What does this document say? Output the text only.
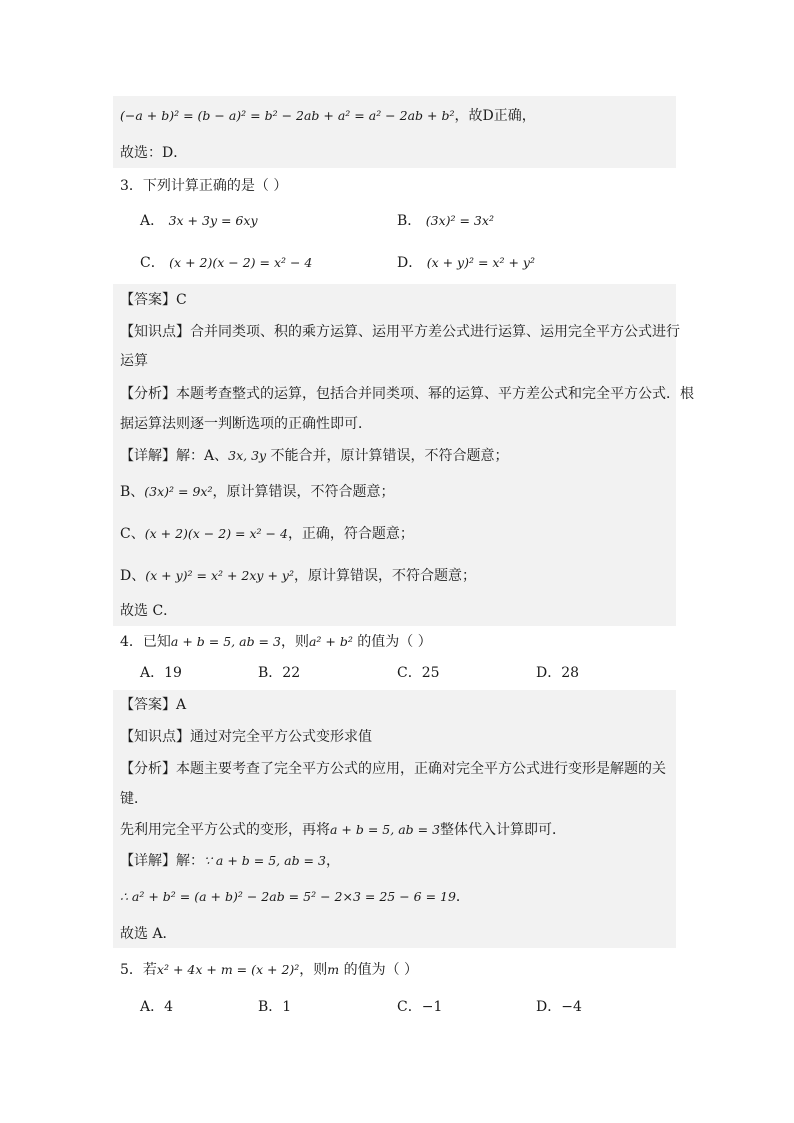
(−a + b)² = (b − a)² = b² − 2ab + a² = a² − 2ab + b²，故D正确，
故选：D．
3．下列计算正确的是（ ）
A． 3x + 3y = 6xy	B． (3x)² = 3x²
C． (x + 2)(x − 2) = x² − 4	D． (x + y)² = x² + y²
【答案】C
【知识点】合并同类项、积的乘方运算、运用平方差公式进行运算、运用完全平方公式进行
运算
【分析】本题考查整式的运算，包括合并同类项、幂的运算、平方差公式和完全平方公式．根
据运算法则逐一判断选项的正确性即可．
【详解】解：A、3x, 3y 不能合并，原计算错误，不符合题意；
B、(3x)² = 9x²，原计算错误，不符合题意；
C、(x + 2)(x − 2) = x² − 4，正确，符合题意；
D、(x + y)² = x² + 2xy + y²，原计算错误，不符合题意；
故选 C．
4．已知a + b = 5, ab = 3，则a² + b² 的值为（ ）
A．19	B．22	C．25	D．28
【答案】A
【知识点】通过对完全平方公式变形求值
【分析】本题主要考查了完全平方公式的应用，正确对完全平方公式进行变形是解题的关
键．
先利用完全平方公式的变形，再将a + b = 5, ab = 3整体代入计算即可．
【详解】解：∵ a + b = 5, ab = 3，
∴ a² + b² = (a + b)² − 2ab = 5² − 2×3 = 25 − 6 = 19．
故选 A．
5．若x² + 4x + m = (x + 2)²，则m 的值为（ ）
A．4	B．1	C．−1	D．−4
